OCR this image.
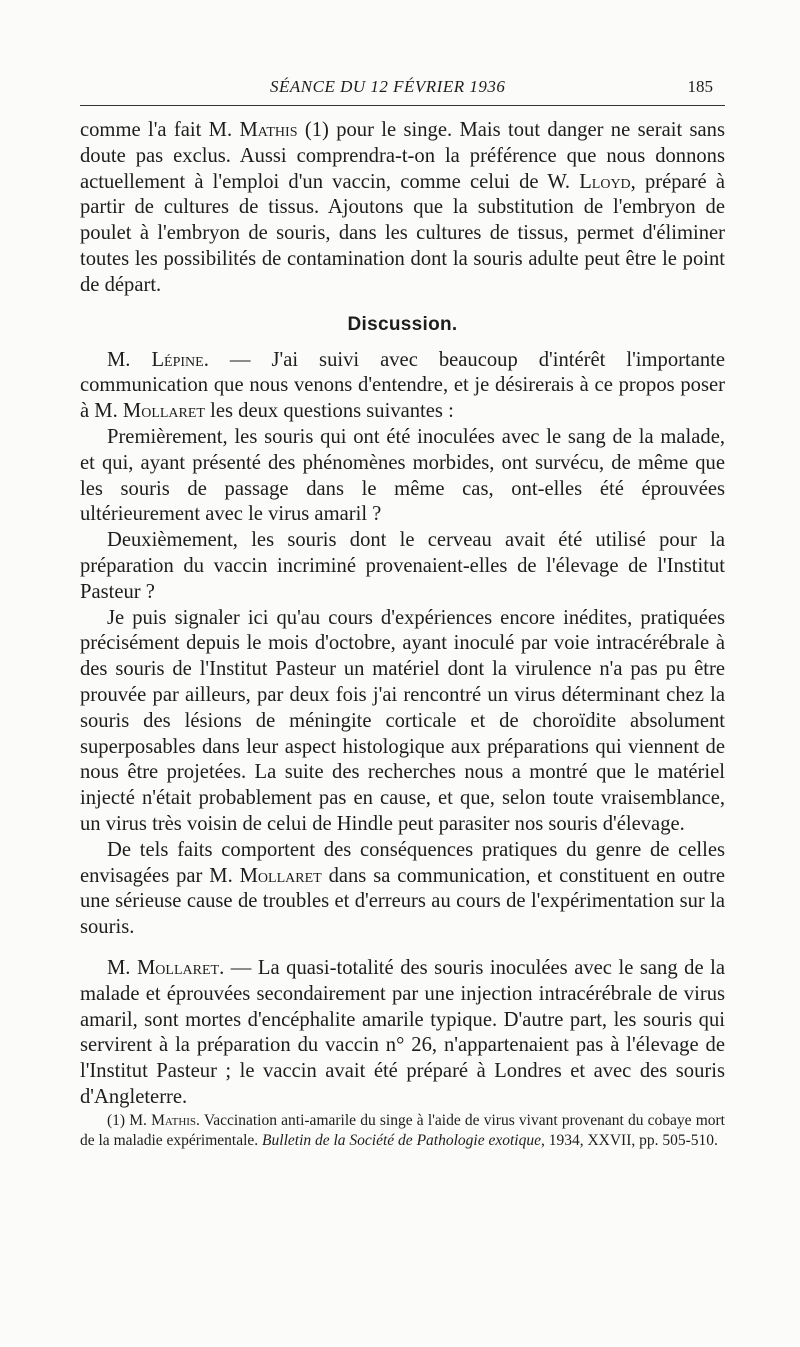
SÉANCE DU 12 FÉVRIER 1936	185

comme l'a fait M. Mathis (1) pour le singe. Mais tout danger ne serait sans doute pas exclus. Aussi comprendra-t-on la préférence que nous donnons actuellement à l'emploi d'un vaccin, comme celui de W. Lloyd, préparé à partir de cultures de tissus. Ajoutons que la substitution de l'embryon de poulet à l'embryon de souris, dans les cultures de tissus, permet d'éliminer toutes les possibilités de contamination dont la souris adulte peut être le point de départ.

Discussion.

M. Lépine. — J'ai suivi avec beaucoup d'intérêt l'importante communication que nous venons d'entendre, et je désirerais à ce propos poser à M. Mollaret les deux questions suivantes :

Premièrement, les souris qui ont été inoculées avec le sang de la malade, et qui, ayant présenté des phénomènes morbides, ont survécu, de même que les souris de passage dans le même cas, ont-elles été éprouvées ultérieurement avec le virus amaril ?

Deuxièmement, les souris dont le cerveau avait été utilisé pour la préparation du vaccin incriminé provenaient-elles de l'élevage de l'Institut Pasteur ?

Je puis signaler ici qu'au cours d'expériences encore inédites, pratiquées précisément depuis le mois d'octobre, ayant inoculé par voie intracérébrale à des souris de l'Institut Pasteur un matériel dont la virulence n'a pas pu être prouvée par ailleurs, par deux fois j'ai rencontré un virus déterminant chez la souris des lésions de méningite corticale et de choroïdite absolument superposables dans leur aspect histologique aux préparations qui viennent de nous être projetées. La suite des recherches nous a montré que le matériel injecté n'était probablement pas en cause, et que, selon toute vraisemblance, un virus très voisin de celui de Hindle peut parasiter nos souris d'élevage.

De tels faits comportent des conséquences pratiques du genre de celles envisagées par M. Mollaret dans sa communication, et constituent en outre une sérieuse cause de troubles et d'erreurs au cours de l'expérimentation sur la souris.

M. Mollaret. — La quasi-totalité des souris inoculées avec le sang de la malade et éprouvées secondairement par une injection intracérébrale de virus amaril, sont mortes d'encéphalite amarile typique. D'autre part, les souris qui servirent à la préparation du vaccin n° 26, n'appartenaient pas à l'élevage de l'Institut Pasteur ; le vaccin avait été préparé à Londres et avec des souris d'Angleterre.

(1) M. Mathis. Vaccination anti-amarile du singe à l'aide de virus vivant provenant du cobaye mort de la maladie expérimentale. Bulletin de la Société de Pathologie exotique, 1934, XXVII, pp. 505-510.
